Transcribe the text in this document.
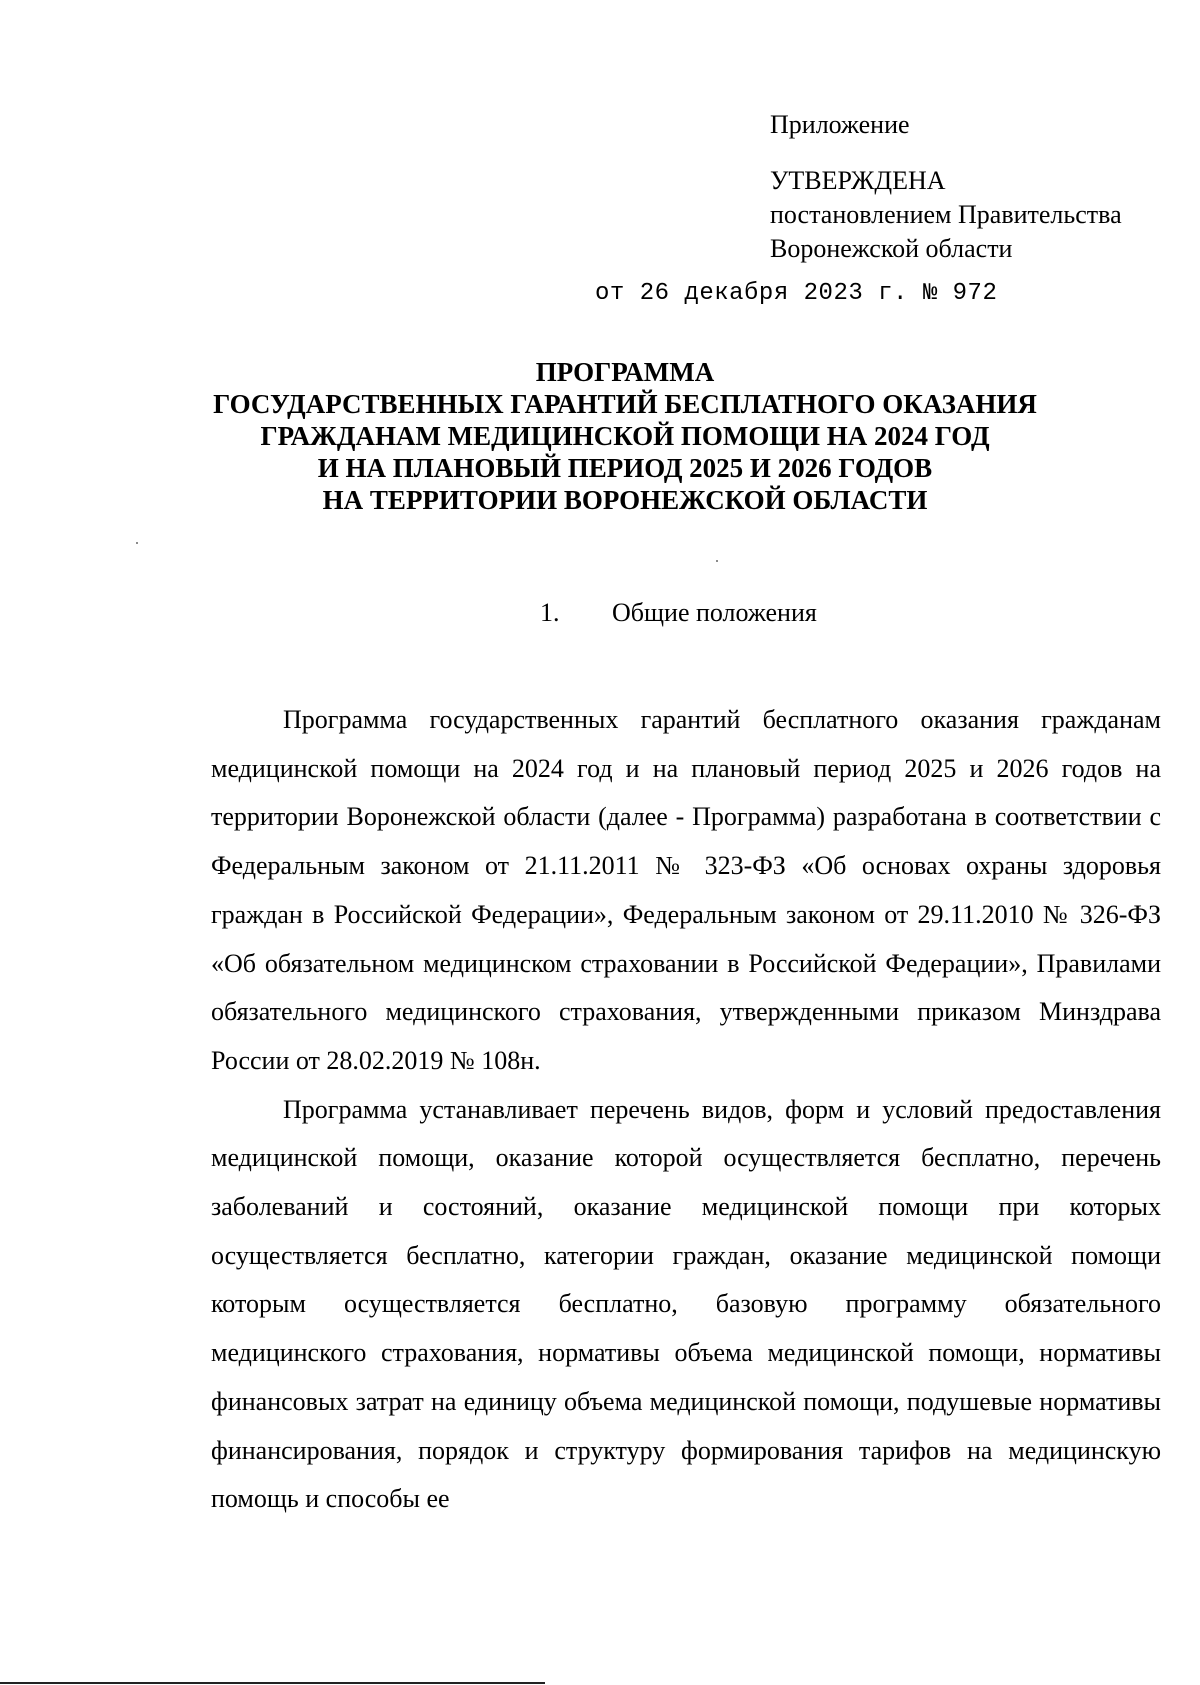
Приложение
УТВЕРЖДЕНА
постановлением Правительства
Воронежской области
от 26 декабря 2023 г. № 972
ПРОГРАММА
ГОСУДАРСТВЕННЫХ ГАРАНТИЙ БЕСПЛАТНОГО ОКАЗАНИЯ
ГРАЖДАНАМ МЕДИЦИНСКОЙ ПОМОЩИ НА 2024 ГОД
И НА ПЛАНОВЫЙ ПЕРИОД 2025 И 2026 ГОДОВ
НА ТЕРРИТОРИИ ВОРОНЕЖСКОЙ ОБЛАСТИ
1. Общие положения

Программа государственных гарантий бесплатного оказания гражданам медицинской помощи на 2024 год и на плановый период 2025 и 2026 годов на территории Воронежской области (далее - Программа) разработана в соответствии с Федеральным законом от 21.11.2011 № 323-ФЗ «Об основах охраны здоровья граждан в Российской Федерации», Федеральным законом от 29.11.2010 № 326-ФЗ «Об обязательном медицинском страховании в Российской Федерации», Правилами обязательного медицинского страхования, утвержденными приказом Минздрава России от 28.02.2019 № 108н.

Программа устанавливает перечень видов, форм и условий предоставления медицинской помощи, оказание которой осуществляется бесплатно, перечень заболеваний и состояний, оказание медицинской помощи при которых осуществляется бесплатно, категории граждан, оказание медицинской помощи которым осуществляется бесплатно, базовую программу обязательного медицинского страхования, нормативы объема медицинской помощи, нормативы финансовых затрат на единицу объема медицинской помощи, подушевые нормативы финансирования, порядок и структуру формирования тарифов на медицинскую помощь и способы ее
